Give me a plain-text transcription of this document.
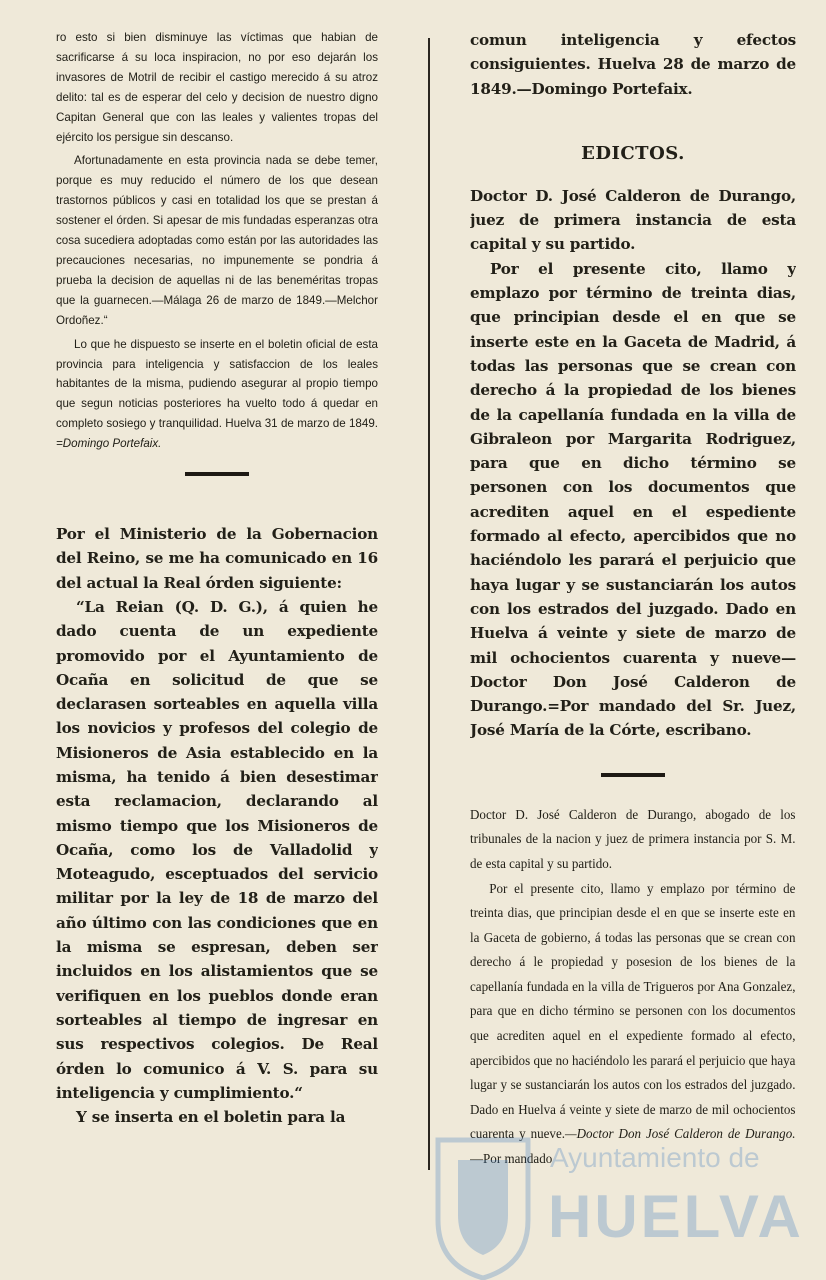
ro esto si bien disminuye las víctimas que habian de sacrificarse á su loca inspiracion, no por eso dejarán los invasores de Motril de recibir el castigo merecido á su atroz delito: tal es de esperar del celo y decision de nuestro digno Capitan General que con las leales y valientes tropas del ejército los persigue sin descanso.

Afortunadamente en esta provincia nada se debe temer, porque es muy reducido el número de los que desean trastornos públicos y casi en totalidad los que se prestan á sostener el órden. Si apesar de mis fundadas esperanzas otra cosa sucediera adoptadas como están por las autoridades las precauciones necesarias, no impunemente se pondria á prueba la decision de aquellas ni de las beneméritas tropas que la guarnecen.—Málaga 26 de marzo de 1849.—Melchor Ordoñez.“

Lo que he dispuesto se inserte en el boletin oficial de esta provincia para inteligencia y satisfaccion de los leales habitantes de la misma, pudiendo asegurar al propio tiempo que segun noticias posteriores ha vuelto todo á quedar en completo sosiego y tranquilidad. Huelva 31 de marzo de 1849. =Domingo Portefaix.

Por el Ministerio de la Gobernacion del Reino, se me ha comunicado en 16 del actual la Real órden siguiente:

“La Reian (Q. D. G.), á quien he dado cuenta de un expediente promovido por el Ayuntamiento de Ocaña en solicitud de que se declarasen sorteables en aquella villa los novicios y profesos del colegio de Misioneros de Asia establecido en la misma, ha tenido á bien desestimar esta reclamacion, declarando al mismo tiempo que los Misioneros de Ocaña, como los de Valladolid y Moteagudo, esceptuados del servicio militar por la ley de 18 de marzo del año último con las condiciones que en la misma se espresan, deben ser incluidos en los alistamientos que se verifiquen en los pueblos donde eran sorteables al tiempo de ingresar en sus respectivos colegios. De Real órden lo comunico á V. S. para su inteligencia y cumplimiento.“

Y se inserta en el boletin para la

comun inteligencia y efectos consiguientes. Huelva 28 de marzo de 1849.—Domingo Portefaix.

EDICTOS.

Doctor D. José Calderon de Durango, juez de primera instancia de esta capital y su partido.

Por el presente cito, llamo y emplazo por término de treinta dias, que principian desde el en que se inserte este en la Gaceta de Madrid, á todas las personas que se crean con derecho á la propiedad de los bienes de la capellanía fundada en la villa de Gibraleon por Margarita Rodriguez, para que en dicho término se personen con los documentos que acrediten aquel en el espediente formado al efecto, apercibidos que no haciéndolo les parará el perjuicio que haya lugar y se sustanciarán los autos con los estrados del juzgado. Dado en Huelva á veinte y siete de marzo de mil ochocientos cuarenta y nueve—Doctor Don José Calderon de Durango.=Por mandado del Sr. Juez, José María de la Córte, escribano.

Doctor D. José Calderon de Durango, abogado de los tribunales de la nacion y juez de primera instancia por S. M. de esta capital y su partido.

Por el presente cito, llamo y emplazo por término de treinta dias, que principian desde el en que se inserte este en la Gaceta de gobierno, á todas las personas que se crean con derecho á le propiedad y posesion de los bienes de la capellanía fundada en la villa de Trigueros por Ana Gonzalez, para que en dicho término se personen con los documentos que acrediten aquel en el expediente formado al efecto, apercibidos que no haciéndolo les parará el perjuicio que haya lugar y se sustanciarán los autos con los estrados del juzgado. Dado en Huelva á veinte y siete de marzo de mil ochocientos cuarenta y nueve.—Doctor Don José Calderon de Durango.—Por mandado

Ayuntamiento de
HUELVA
